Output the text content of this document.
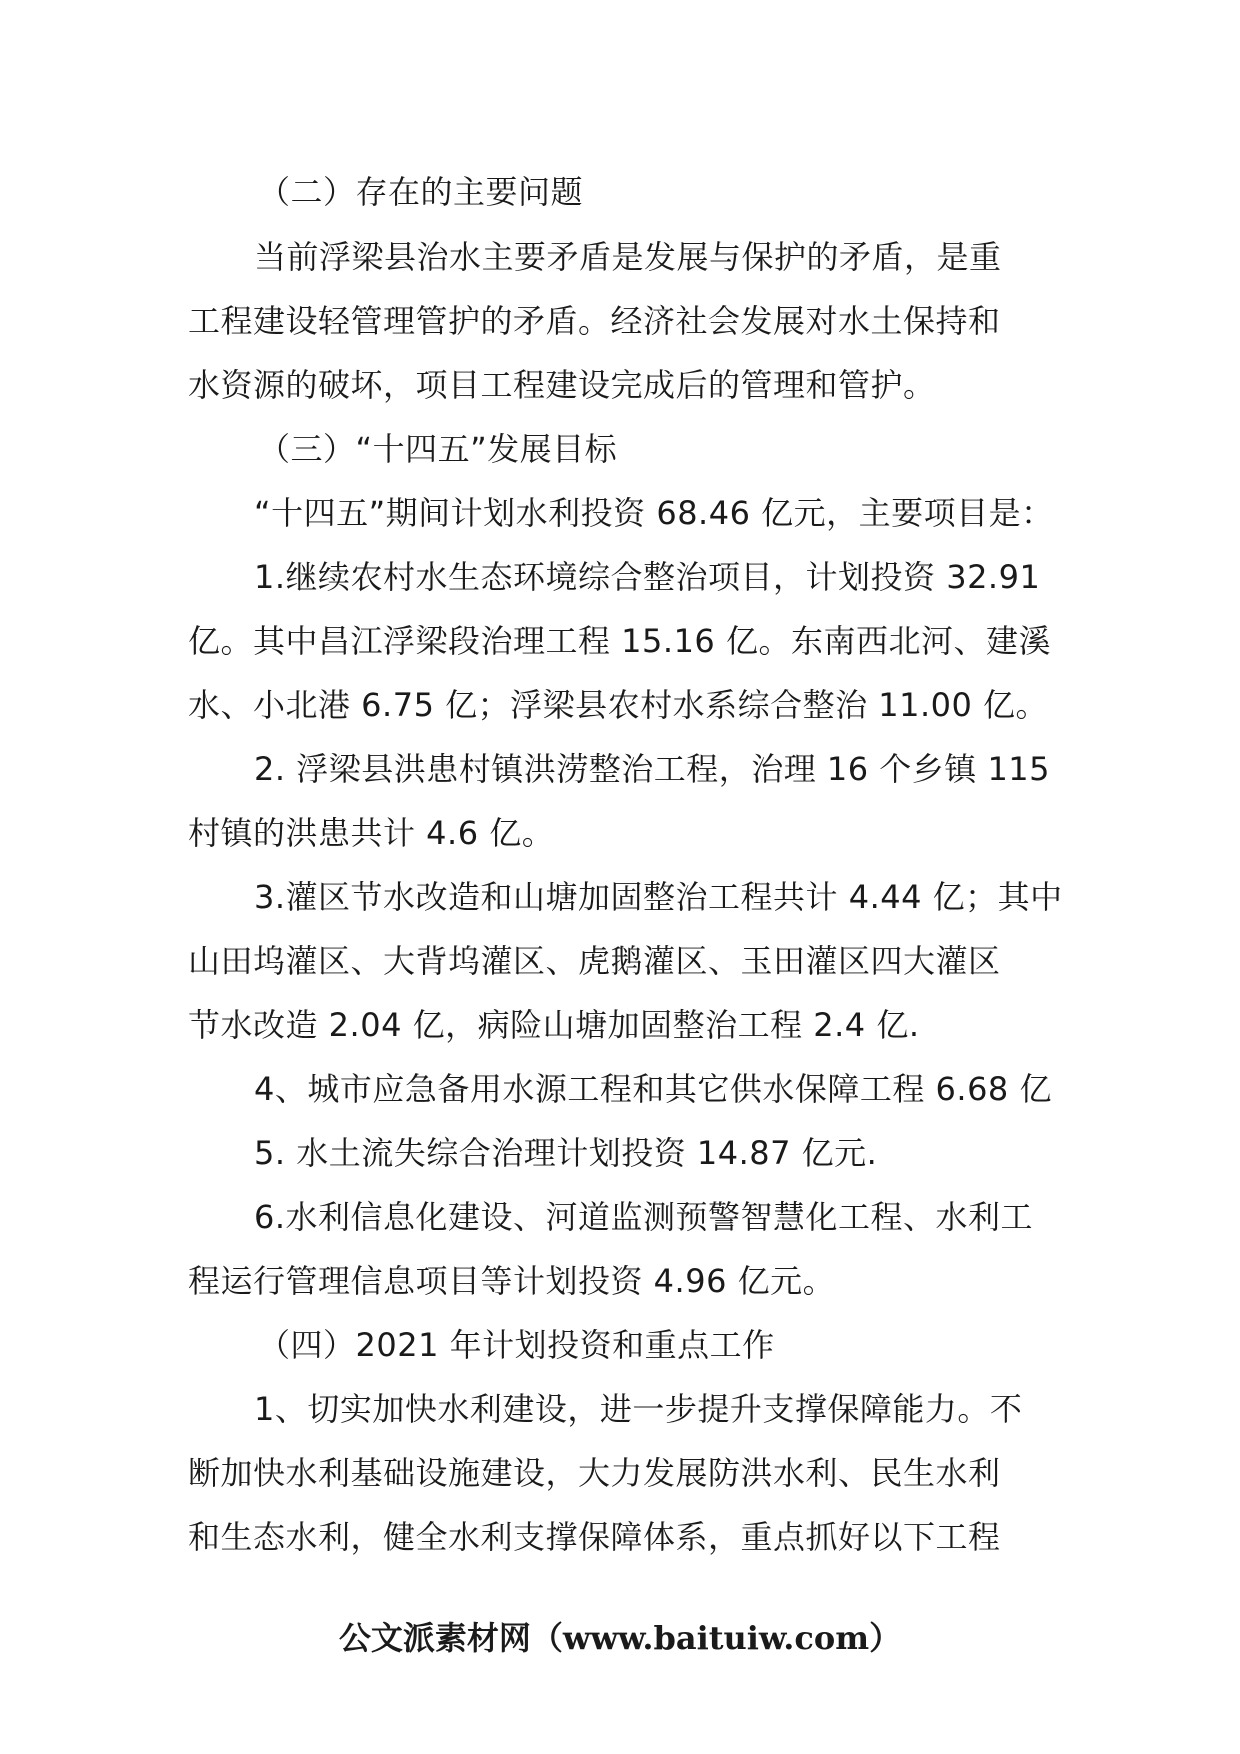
（二）存在的主要问题
当前浮梁县治水主要矛盾是发展与保护的矛盾，是重
工程建设轻管理管护的矛盾。经济社会发展对水土保持和
水资源的破坏，项目工程建设完成后的管理和管护。
（三）“十四五”发展目标
“十四五”期间计划水利投资 68.46 亿元，主要项目是：
1.继续农村水生态环境综合整治项目，计划投资 32.91
亿。其中昌江浮梁段治理工程 15.16 亿。东南西北河、建溪
水、小北港 6.75 亿；浮梁县农村水系综合整治 11.00 亿。
2. 浮梁县洪患村镇洪涝整治工程，治理 16 个乡镇 115
村镇的洪患共计 4.6 亿。
3.灌区节水改造和山塘加固整治工程共计 4.44 亿；其中
山田坞灌区、大背坞灌区、虎鹅灌区、玉田灌区四大灌区
节水改造 2.04 亿，病险山塘加固整治工程 2.4 亿.
4、城市应急备用水源工程和其它供水保障工程 6.68 亿
5. 水土流失综合治理计划投资 14.87 亿元.
6.水利信息化建设、河道监测预警智慧化工程、水利工
程运行管理信息项目等计划投资 4.96 亿元。
（四）2021 年计划投资和重点工作
1、切实加快水利建设，进一步提升支撑保障能力。不
断加快水利基础设施建设，大力发展防洪水利、民生水利
和生态水利，健全水利支撑保障体系，重点抓好以下工程
公文派素材网（www.baituiw.com）
